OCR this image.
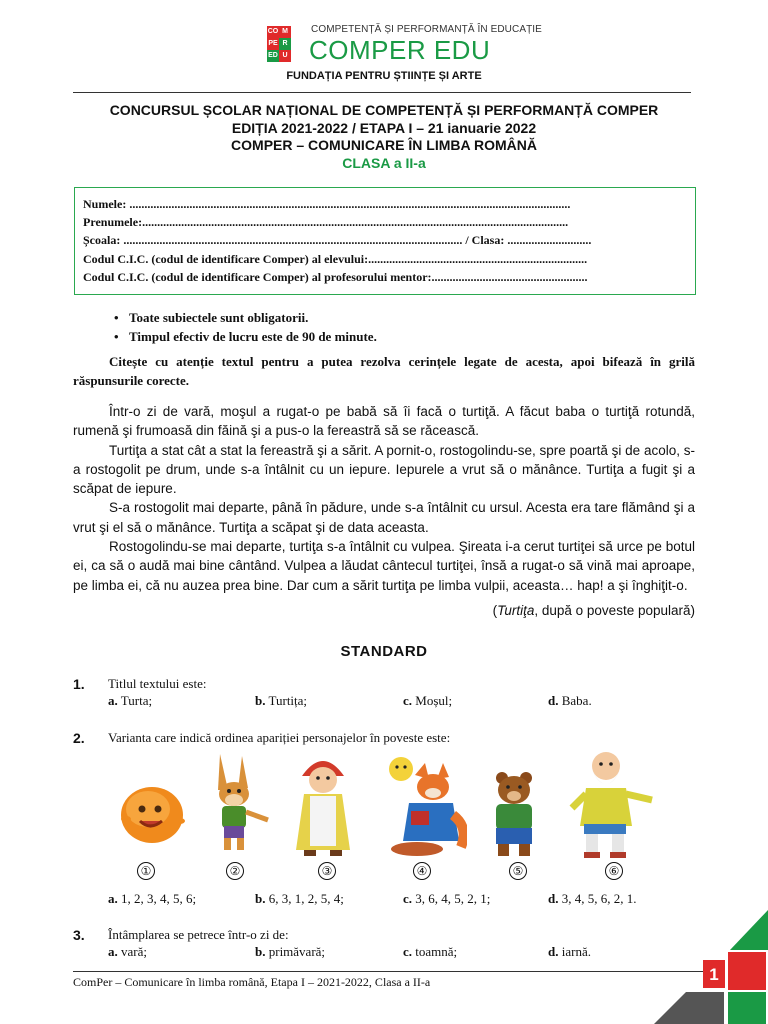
CO M
PE R
ED U
COMPETENȚĂ ȘI PERFORMANȚĂ ÎN EDUCAȚIE
COMPER EDU
FUNDAȚIA PENTRU ȘTIINȚE ȘI ARTE
CONCURSUL ȘCOLAR NAȚIONAL DE COMPETENȚĂ ȘI PERFORMANȚĂ COMPER
EDIȚIA 2021-2022 / ETAPA I – 21 ianuarie 2022
COMPER – COMUNICARE ÎN LIMBA ROMÂNĂ
CLASA a II-a
Numele: ...................................................................................................................................................
Prenumele:..............................................................................................................................................
Școala: ................................................................................................................. / Clasa: ............................
Codul C.I.C. (codul de identificare Comper) al elevului:.........................................................................
Codul C.I.C. (codul de identificare Comper) al profesorului mentor:....................................................
• Toate subiectele sunt obligatorii.
• Timpul efectiv de lucru este de 90 de minute.
Citește cu atenție textul pentru a putea rezolva cerințele legate de acesta, apoi bifează în grilă răspunsurile corecte.

Într-o zi de vară, moşul a rugat-o pe babă să îi facă o turtiţă. A făcut baba o turtiţă rotundă, rumenă şi frumoasă din făină şi a pus-o la fereastră să se răcească.

Turtiţa a stat cât a stat la fereastră şi a sărit. A pornit-o, rostogolindu-se, spre poartă şi de acolo, s-a rostogolit pe drum, unde s-a întâlnit cu un iepure. Iepurele a vrut să o mănânce. Turtiţa a fugit şi a scăpat de iepure.

S-a rostogolit mai departe, până în pădure, unde s-a întâlnit cu ursul. Acesta era tare flămând şi a vrut şi el să o mănânce. Turtiţa a scăpat şi de data aceasta.

Rostogolindu-se mai departe, turtiţa s-a întâlnit cu vulpea. Şireata i-a cerut turtiţei să urce pe botul ei, ca să o audă mai bine cântând. Vulpea a lăudat cântecul turtiţei, însă a rugat-o să vină mai aproape, pe limba ei, că nu auzea prea bine. Dar cum a sărit turtiţa pe limba vulpii, aceasta… hap! a şi înghiţit-o.

(Turtiţa, după o poveste populară)
STANDARD
1. Titlul textului este:
a. Turta;	b. Turtița;	c. Moșul;	d. Baba.
2. Varianta care indică ordinea apariției personajelor în poveste este:
①	②	③	④	⑤	⑥
a. 1, 2, 3, 4, 5, 6;	b. 6, 3, 1, 2, 5, 4;	c. 3, 6, 4, 5, 2, 1;	d. 3, 4, 5, 6, 2, 1.
3. Întâmplarea se petrece într-o zi de:
a. vară;	b. primăvară;	c. toamnă;	d. iarnă.
ComPer – Comunicare în limba română, Etapa I – 2021-2022, Clasa a II-a	1
